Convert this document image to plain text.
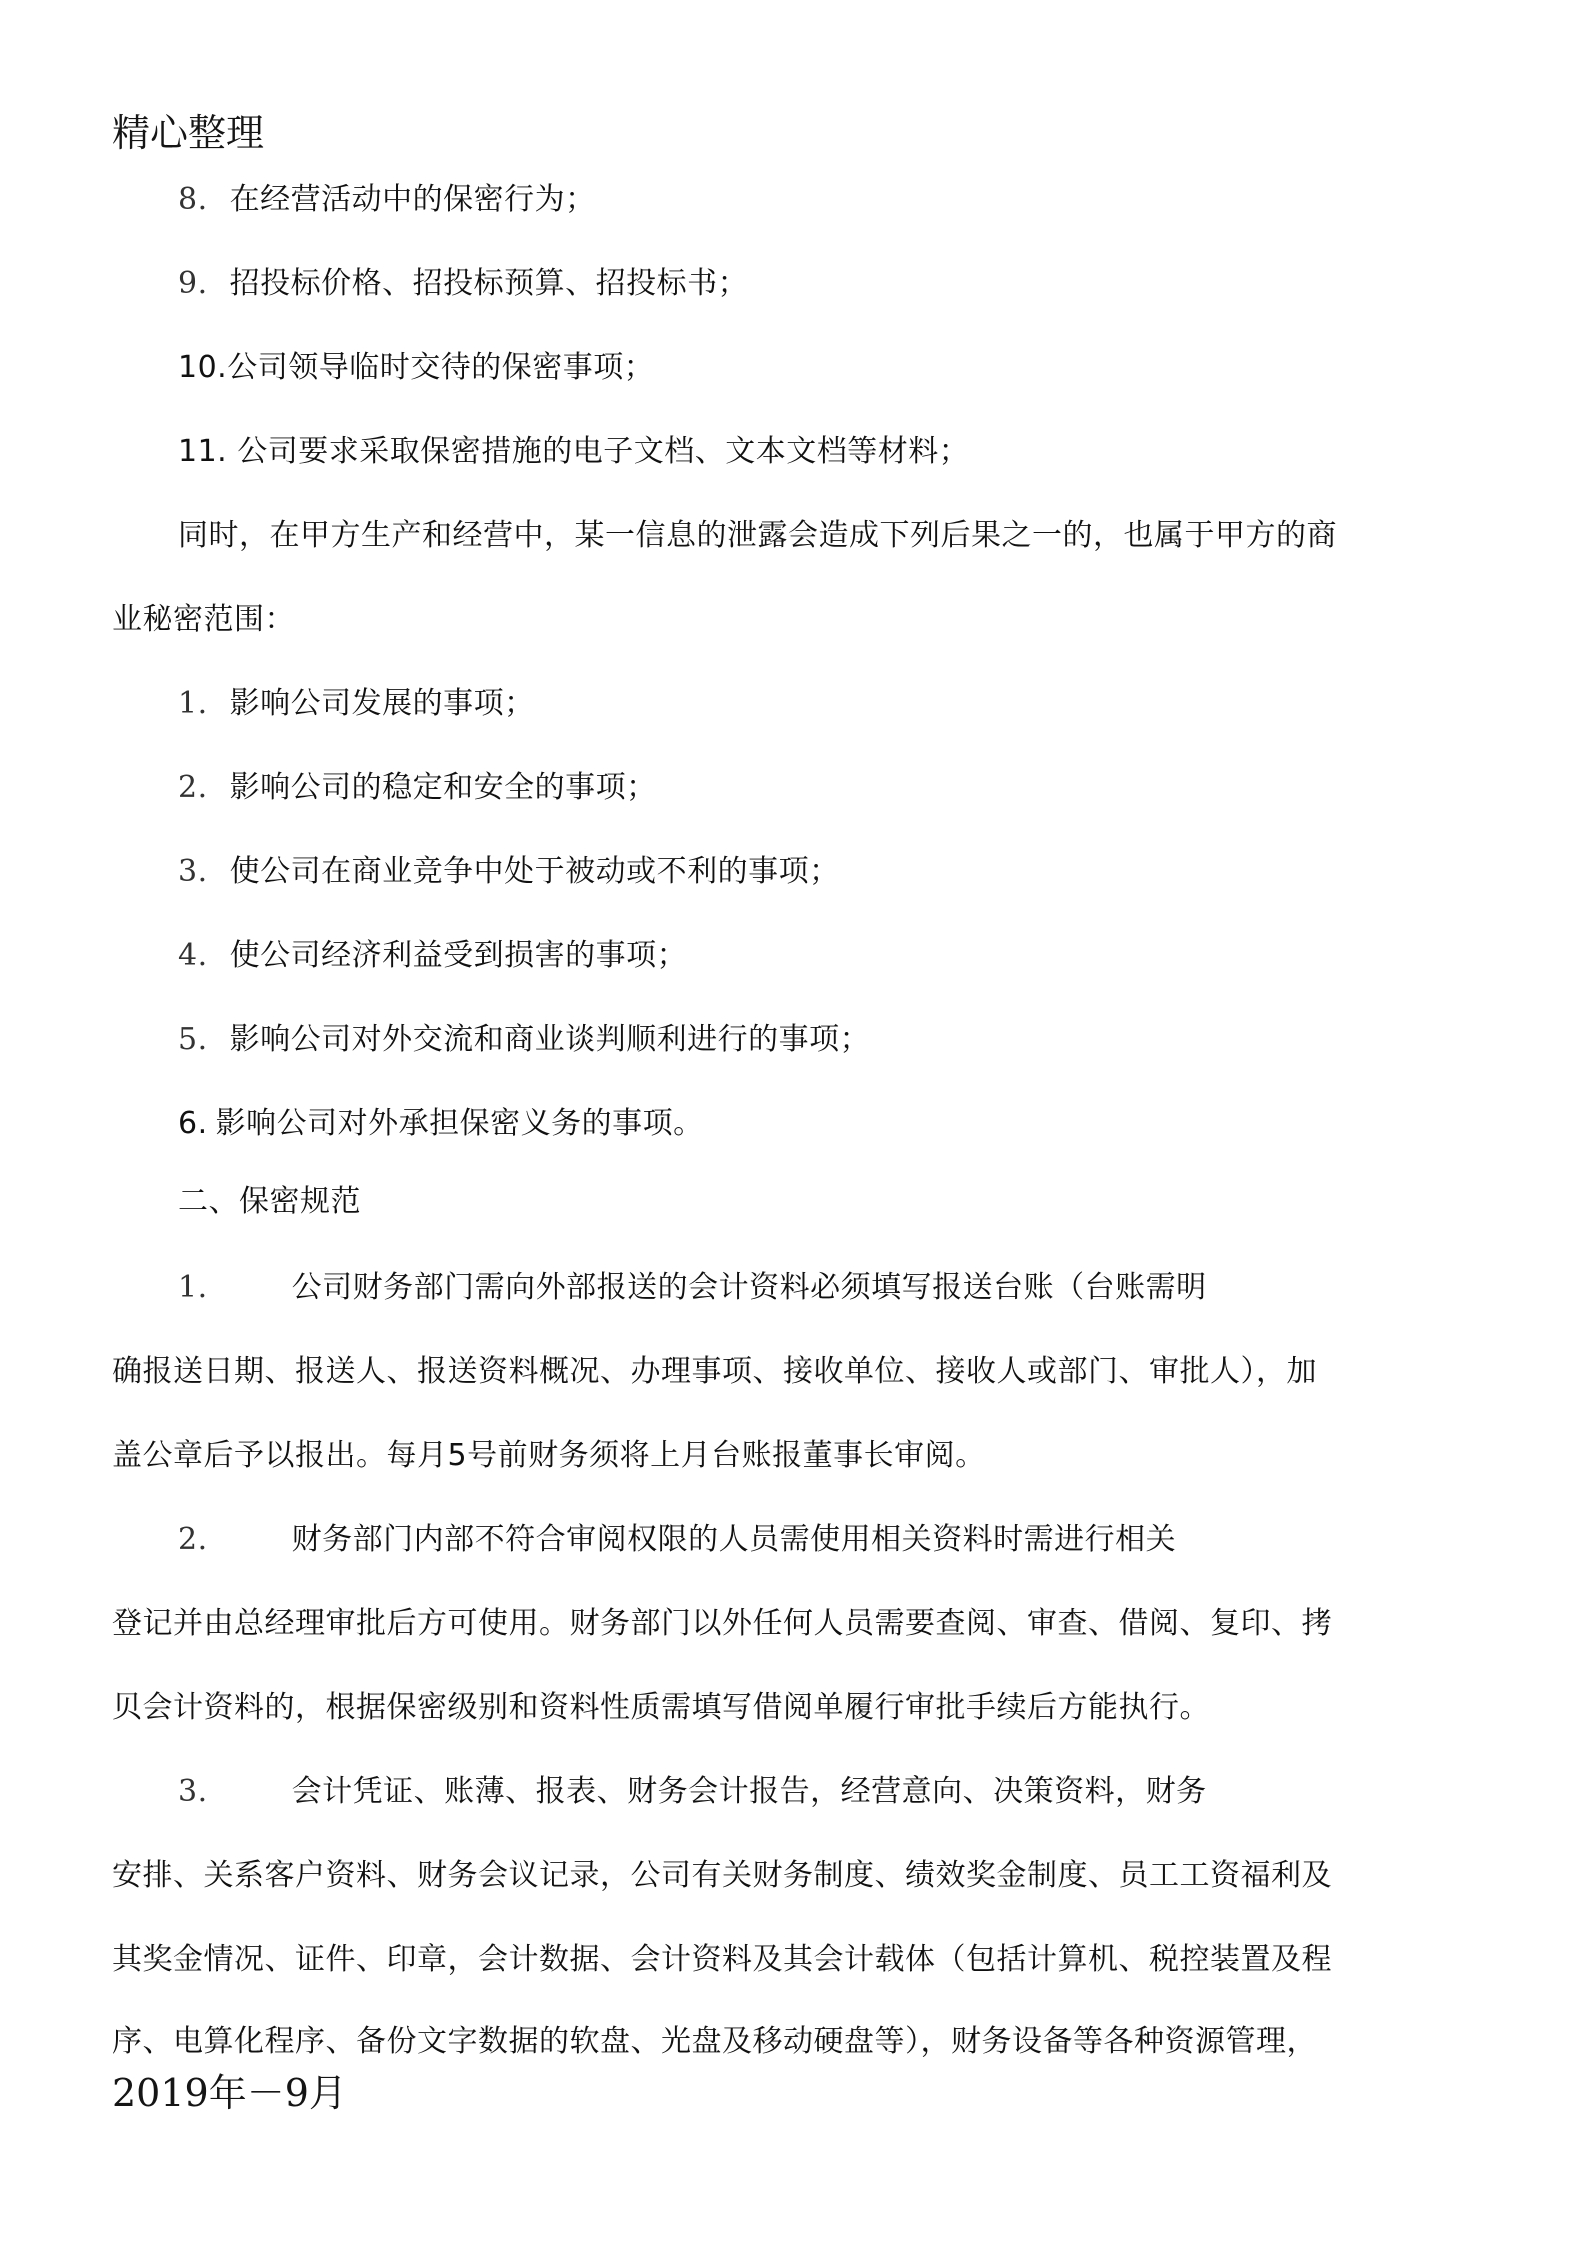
精心整理
8. 在经营活动中的保密行为；
9. 招投标价格、招投标预算、招投标书；
10.公司领导临时交待的保密事项；
11. 公司要求采取保密措施的电子文档、文本文档等材料；
同时，在甲方生产和经营中，某一信息的泄露会造成下列后果之一的，也属于甲方的商
业秘密范围：
1. 影响公司发展的事项；
2. 影响公司的稳定和安全的事项；
3. 使公司在商业竞争中处于被动或不利的事项；
4. 使公司经济利益受到损害的事项；
5. 影响公司对外交流和商业谈判顺利进行的事项；
6. 影响公司对外承担保密义务的事项。
二、保密规范
1.	公司财务部门需向外部报送的会计资料必须填写报送台账（台账需明
确报送日期、报送人、报送资料概况、办理事项、接收单位、接收人或部门、审批人），加
盖公章后予以报出。每月5号前财务须将上月台账报董事长审阅。
2.	财务部门内部不符合审阅权限的人员需使用相关资料时需进行相关
登记并由总经理审批后方可使用。财务部门以外任何人员需要查阅、审查、借阅、复印、拷
贝会计资料的，根据保密级别和资料性质需填写借阅单履行审批手续后方能执行。
3.	会计凭证、账薄、报表、财务会计报告，经营意向、决策资料，财务
安排、关系客户资料、财务会议记录，公司有关财务制度、绩效奖金制度、员工工资福利及
其奖金情况、证件、印章，会计数据、会计资料及其会计载体（包括计算机、税控装置及程
序、电算化程序、备份文字数据的软盘、光盘及移动硬盘等），财务设备等各种资源管理，
2019年－9月
